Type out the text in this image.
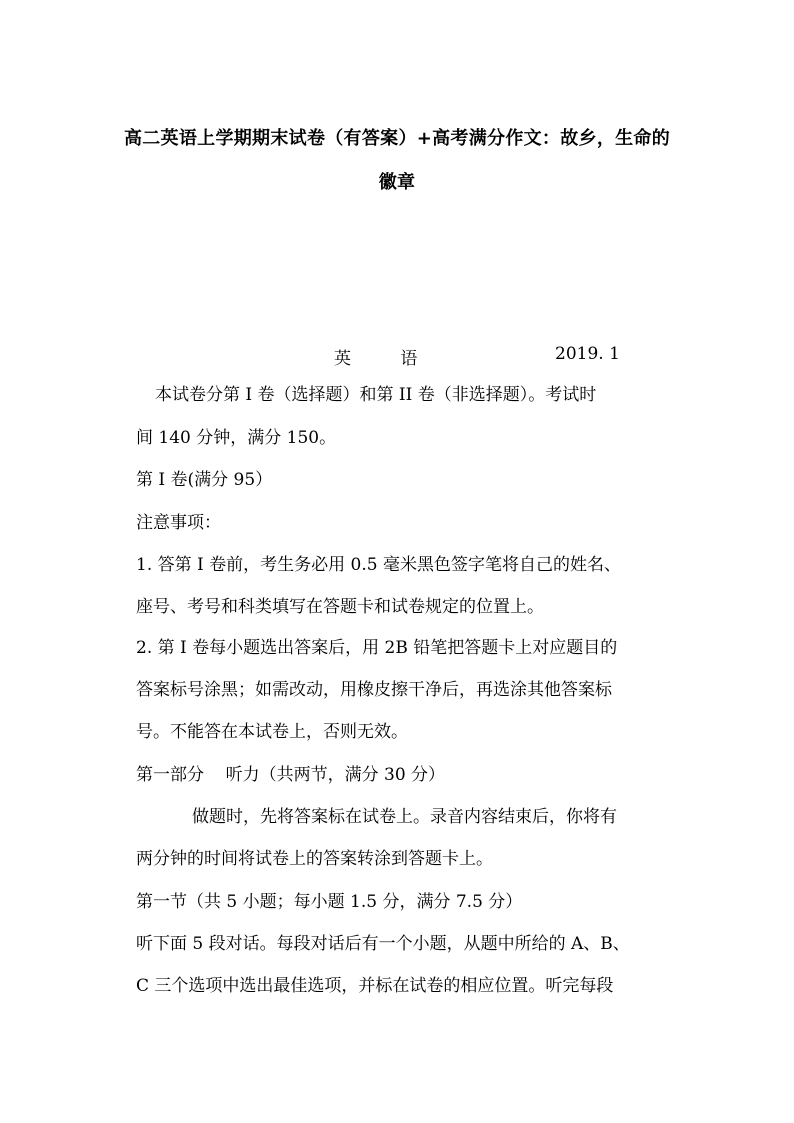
高二英语上学期期末试卷（有答案）+高考满分作文：故乡，生命的
徽章
英 语	2019. 1
本试卷分第 I 卷（选择题）和第 II 卷（非选择题）。考试时
间 140 分钟，满分 150。
第 I 卷(满分 95）
注意事项：
1. 答第 I 卷前，考生务必用 0.5 毫米黑色签字笔将自己的姓名、
座号、考号和科类填写在答题卡和试卷规定的位置上。
2. 第 I 卷每小题选出答案后，用 2B 铅笔把答题卡上对应题目的
答案标号涂黑；如需改动，用橡皮擦干净后，再选涂其他答案标
号。不能答在本试卷上，否则无效。
第一部分    听力（共两节，满分 30 分）
做题时，先将答案标在试卷上。录音内容结束后，你将有
两分钟的时间将试卷上的答案转涂到答题卡上。
第一节（共 5 小题；每小题 1.5 分，满分 7.5 分）
听下面 5 段对话。每段对话后有一个小题，从题中所给的 A、B、
C 三个选项中选出最佳选项，并标在试卷的相应位置。听完每段
